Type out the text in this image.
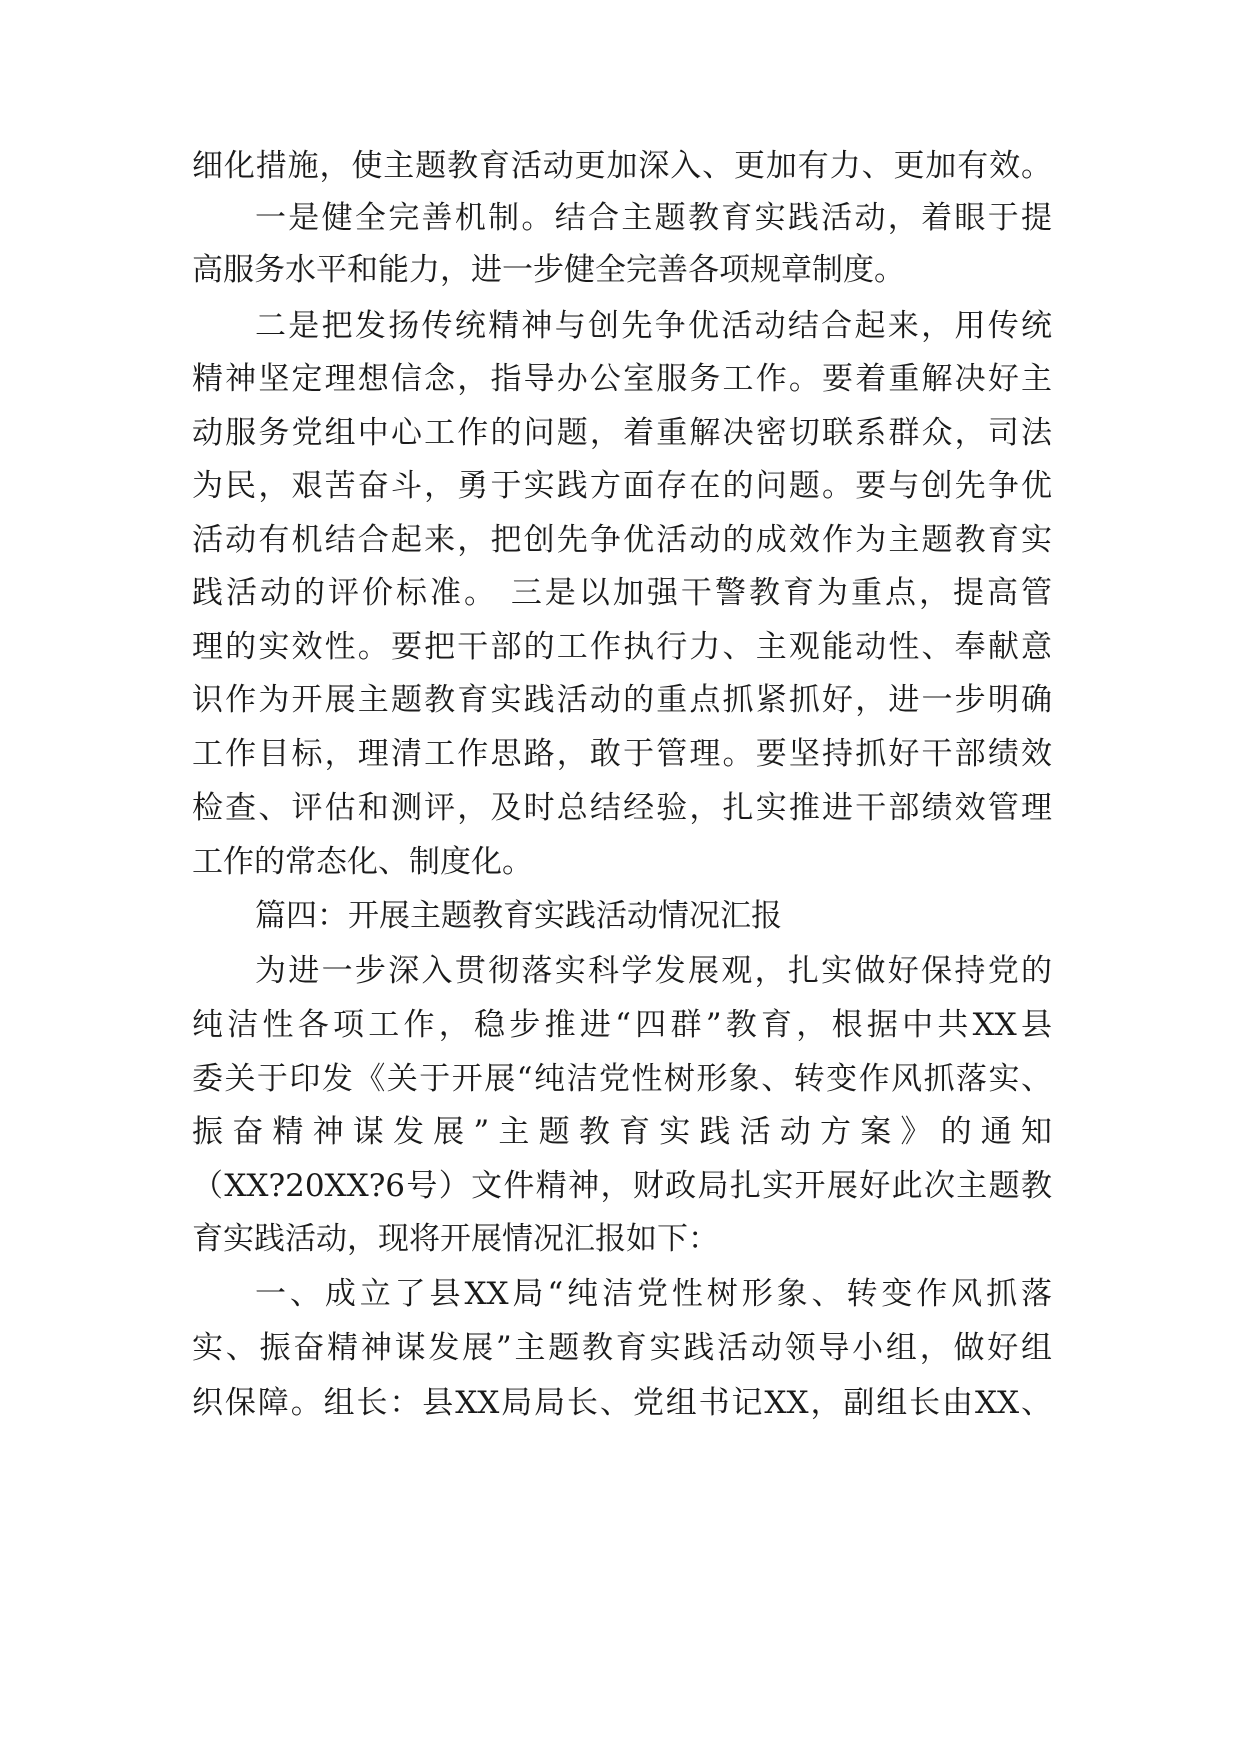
细化措施，使主题教育活动更加深入、更加有力、更加有效。
一是健全完善机制。结合主题教育实践活动，着眼于提
高服务水平和能力，进一步健全完善各项规章制度。
二是把发扬传统精神与创先争优活动结合起来，用传统
精神坚定理想信念，指导办公室服务工作。要着重解决好主
动服务党组中心工作的问题，着重解决密切联系群众，司法
为民，艰苦奋斗，勇于实践方面存在的问题。要与创先争优
活动有机结合起来，把创先争优活动的成效作为主题教育实
践活动的评价标准。 三是以加强干警教育为重点，提高管
理的实效性。要把干部的工作执行力、主观能动性、奉献意
识作为开展主题教育实践活动的重点抓紧抓好，进一步明确
工作目标，理清工作思路，敢于管理。要坚持抓好干部绩效
检查、评估和测评，及时总结经验，扎实推进干部绩效管理
工作的常态化、制度化。
篇四：开展主题教育实践活动情况汇报
为进一步深入贯彻落实科学发展观，扎实做好保持党的
纯洁性各项工作，稳步推进“四群”教育，根据中共XX县
委关于印发《关于开展“纯洁党性树形象、转变作风抓落实、
振奋精神谋发展”主题教育实践活动方案》的通知
（XX?20XX?6号）文件精神，财政局扎实开展好此次主题教
育实践活动，现将开展情况汇报如下：
一、成立了县XX局“纯洁党性树形象、转变作风抓落
实、振奋精神谋发展”主题教育实践活动领导小组，做好组
织保障。组长：县XX局局长、党组书记XX，副组长由XX、
